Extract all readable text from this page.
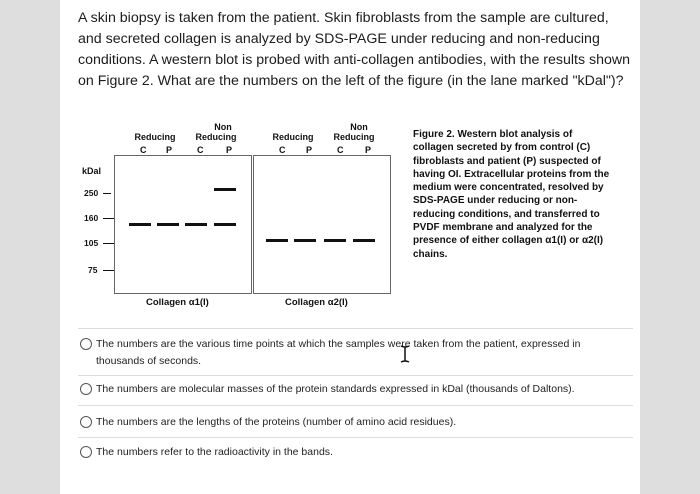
A skin biopsy is taken from the patient. Skin fibroblasts from the sample are cultured, and secreted collagen is analyzed by SDS-PAGE under reducing and non-reducing conditions. A western blot is probed with anti-collagen antibodies, with the results shown on Figure 2. What are the numbers on the left of the figure (in the lane marked "kDal")?

Non
Reducing	Reducing
C P	C	P
Non
Reducing	Reducing
C P	C P
kDal
250
160
105
75
Collagen α1(I)	Collagen α2(I)

Figure 2. Western blot analysis of collagen secreted by from control (C) fibroblasts and patient (P) suspected of having OI. Extracellular proteins from the medium were concentrated, resolved by SDS-PAGE under reducing or non-reducing conditions, and transferred to PVDF membrane and analyzed for the presence of either collagen α1(I) or α2(I) chains.

The numbers are the various time points at which the samples were taken from the patient, expressed in thousands of seconds.
The numbers are molecular masses of the protein standards expressed in kDal (thousands of Daltons).
The numbers are the lengths of the proteins (number of amino acid residues).
The numbers refer to the radioactivity in the bands.
